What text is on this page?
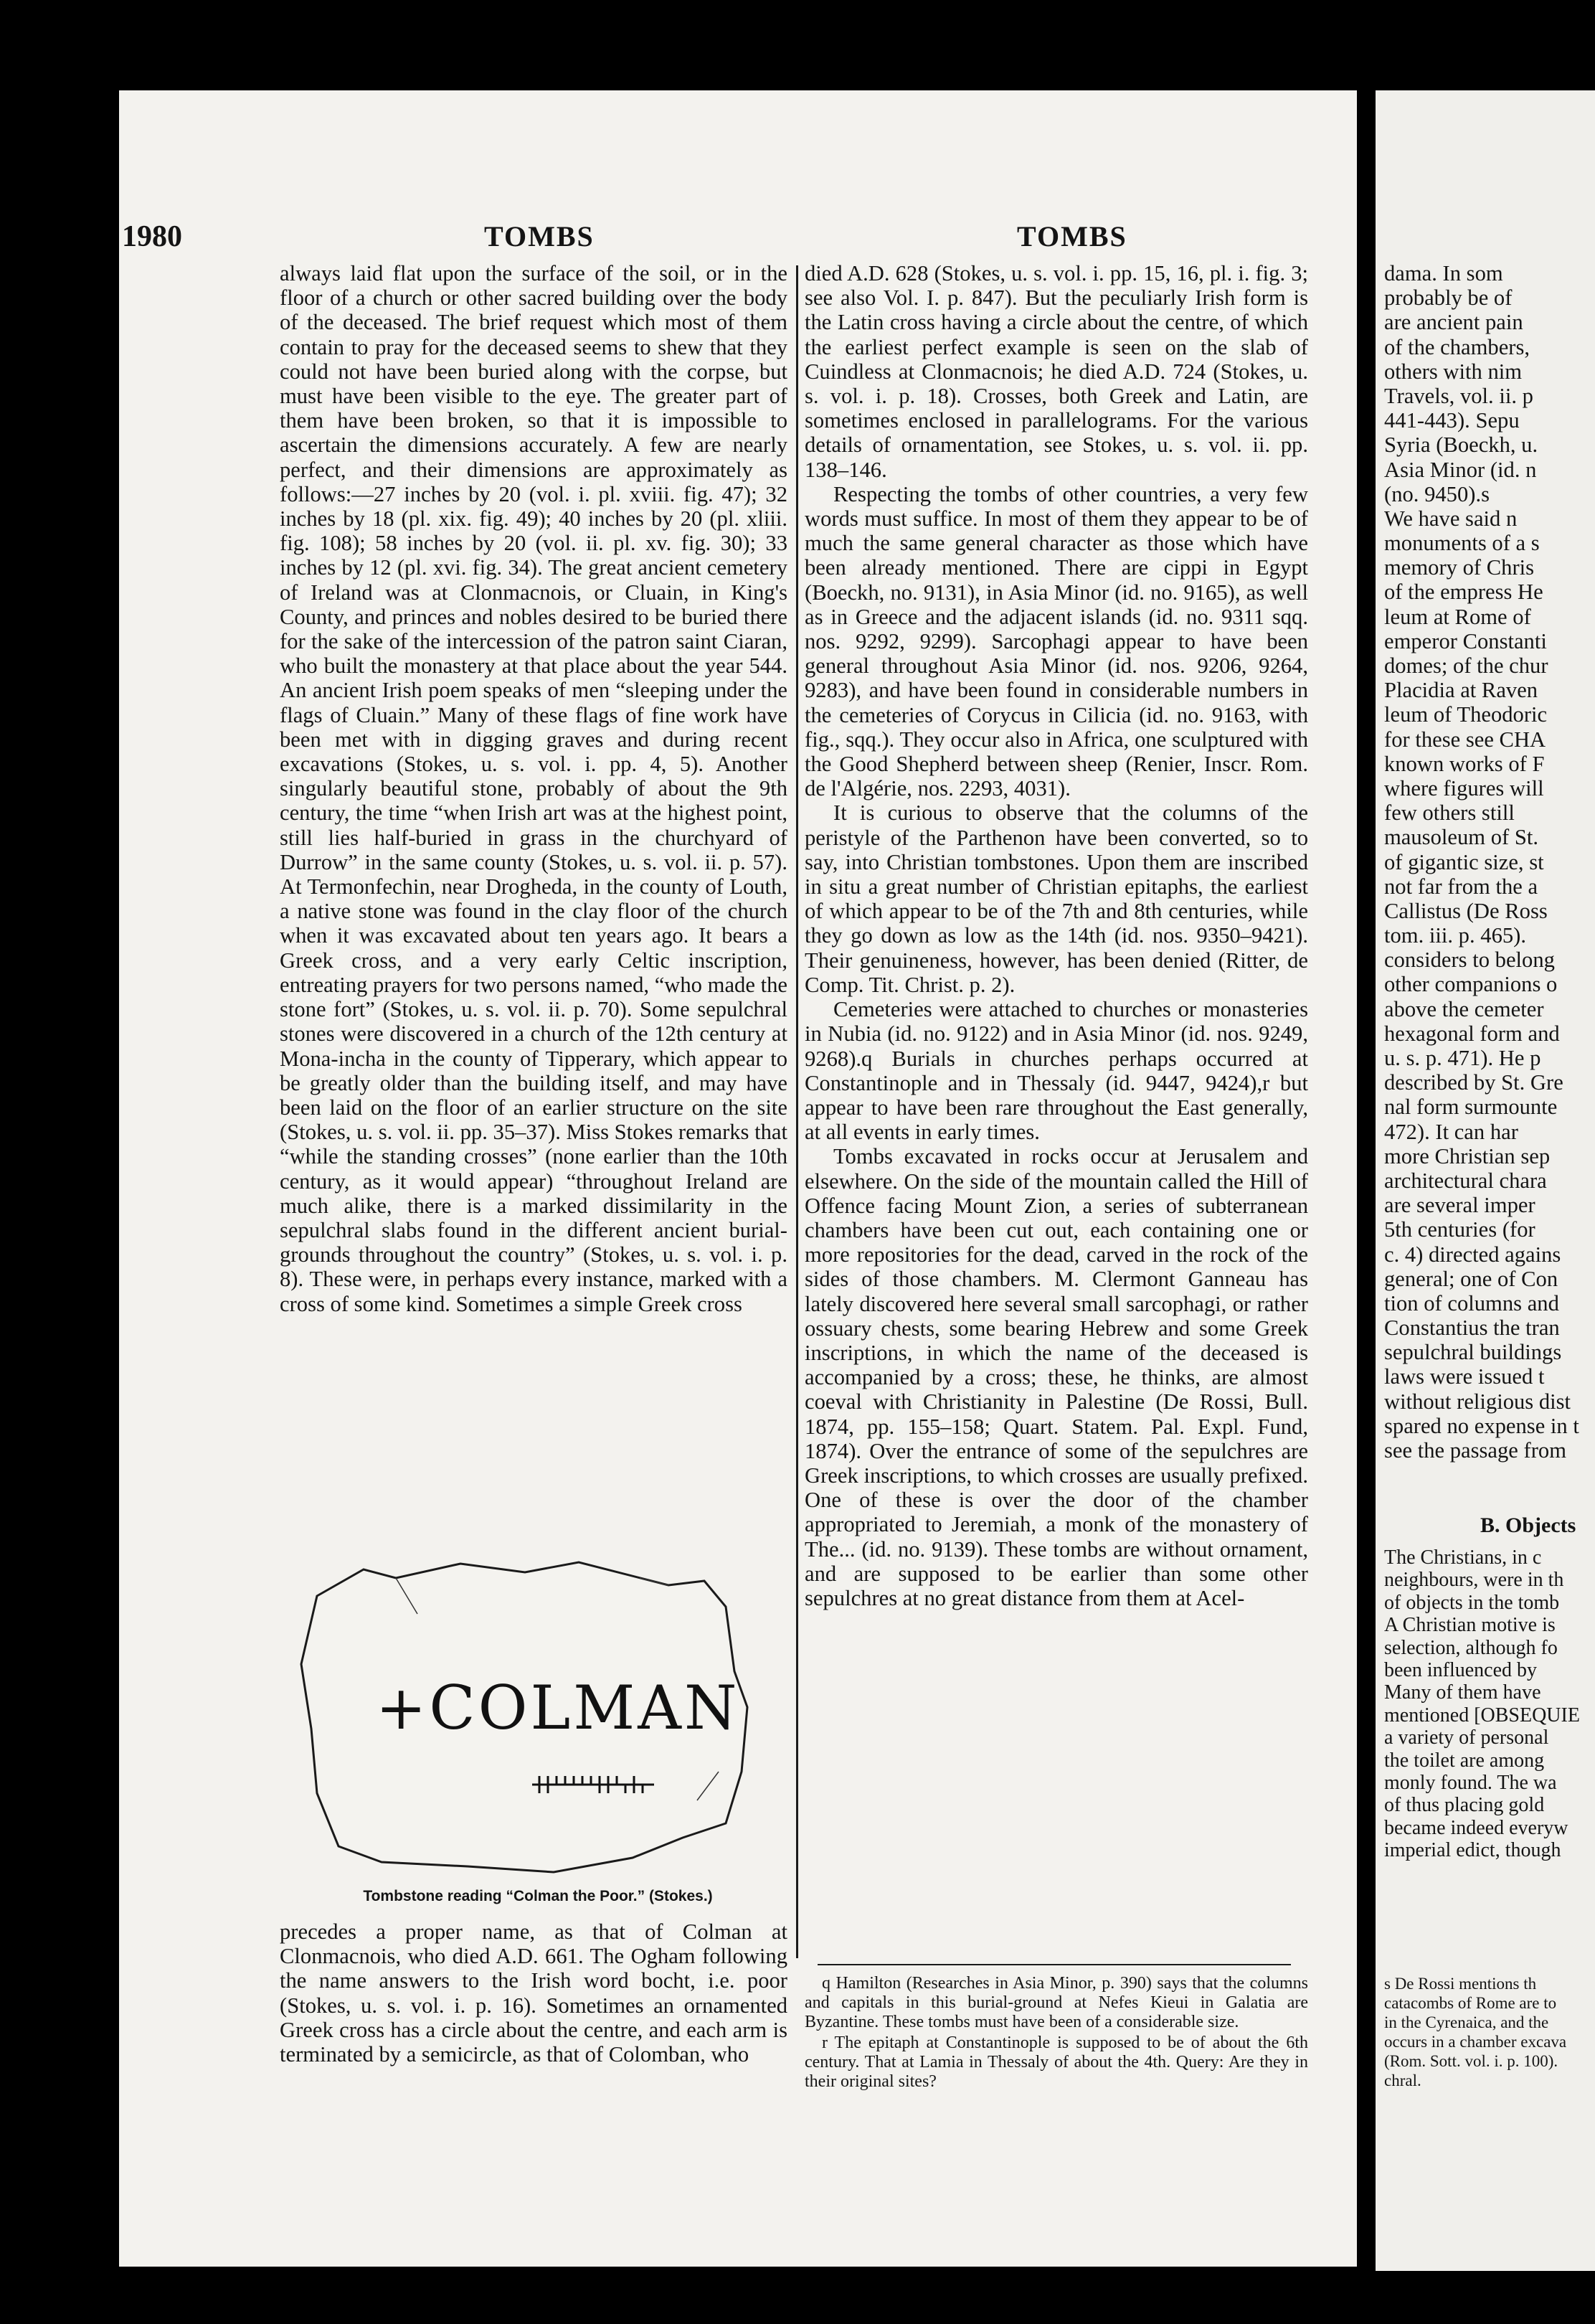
1980	TOMBS	TOMBS

always laid flat upon the surface of the soil, or in the floor of a church or other sacred building over the body of the deceased. The brief request which most of them contain to pray for the deceased seems to shew that they could not have been buried along with the corpse, but must have been visible to the eye. The greater part of them have been broken, so that it is impossible to ascertain the dimensions accurately. A few are nearly perfect, and their dimensions are approximately as follows:—27 inches by 20 (vol. i. pl. xviii. fig. 47); 32 inches by 18 (pl. xix. fig. 49); 40 inches by 20 (pl. xliii. fig. 108); 58 inches by 20 (vol. ii. pl. xv. fig. 30); 33 inches by 12 (pl. xvi. fig. 34). The great ancient cemetery of Ireland was at Clonmacnois, or Cluain, in King's County, and princes and nobles desired to be buried there for the sake of the intercession of the patron saint Ciaran, who built the monastery at that place about the year 544. An ancient Irish poem speaks of men “sleeping under the flags of Cluain.” Many of these flags of fine work have been met with in digging graves and during recent excavations (Stokes, u. s. vol. i. pp. 4, 5). Another singularly beautiful stone, probably of about the 9th century, the time “when Irish art was at the highest point, still lies half-buried in grass in the churchyard of Durrow” in the same county (Stokes, u. s. vol. ii. p. 57). At Termonfechin, near Drogheda, in the county of Louth, a native stone was found in the clay floor of the church when it was excavated about ten years ago. It bears a Greek cross, and a very early Celtic inscription, entreating prayers for two persons named, “who made the stone fort” (Stokes, u. s. vol. ii. p. 70). Some sepulchral stones were discovered in a church of the 12th century at Mona-incha in the county of Tipperary, which appear to be greatly older than the building itself, and may have been laid on the floor of an earlier structure on the site (Stokes, u. s. vol. ii. pp. 35–37). Miss Stokes remarks that “while the standing crosses” (none earlier than the 10th century, as it would appear) “throughout Ireland are much alike, there is a marked dissimilarity in the sepulchral slabs found in the different ancient burial-grounds throughout the country” (Stokes, u. s. vol. i. p. 8). These were, in perhaps every instance, marked with a cross of some kind. Sometimes a simple Greek cross

+COLMAN
Tombstone reading “Colman the Poor.” (Stokes.)
precedes a proper name, as that of Colman at Clonmacnois, who died A.D. 661. The Ogham following the name answers to the Irish word bocht, i.e. poor (Stokes, u. s. vol. i. p. 16). Sometimes an ornamented Greek cross has a circle about the centre, and each arm is terminated by a semicircle, as that of Colomban, who

died A.D. 628 (Stokes, u. s. vol. i. pp. 15, 16, pl. i. fig. 3; see also Vol. I. p. 847). But the peculiarly Irish form is the Latin cross having a circle about the centre, of which the earliest perfect example is seen on the slab of Cuindless at Clonmacnois; he died A.D. 724 (Stokes, u. s. vol. i. p. 18). Crosses, both Greek and Latin, are sometimes enclosed in parallelograms. For the various details of ornamentation, see Stokes, u. s. vol. ii. pp. 138–146.

Respecting the tombs of other countries, a very few words must suffice. In most of them they appear to be of much the same general character as those which have been already mentioned. There are cippi in Egypt (Boeckh, no. 9131), in Asia Minor (id. no. 9165), as well as in Greece and the adjacent islands (id. no. 9311 sqq. nos. 9292, 9299). Sarcophagi appear to have been general throughout Asia Minor (id. nos. 9206, 9264, 9283), and have been found in considerable numbers in the cemeteries of Corycus in Cilicia (id. no. 9163, with fig., sqq.). They occur also in Africa, one sculptured with the Good Shepherd between sheep (Renier, Inscr. Rom. de l'Algérie, nos. 2293, 4031).

It is curious to observe that the columns of the peristyle of the Parthenon have been converted, so to say, into Christian tombstones. Upon them are inscribed in situ a great number of Christian epitaphs, the earliest of which appear to be of the 7th and 8th centuries, while they go down as low as the 14th (id. nos. 9350–9421). Their genuineness, however, has been denied (Ritter, de Comp. Tit. Christ. p. 2).

Cemeteries were attached to churches or monasteries in Nubia (id. no. 9122) and in Asia Minor (id. nos. 9249, 9268).q Burials in churches perhaps occurred at Constantinople and in Thessaly (id. 9447, 9424),r but appear to have been rare throughout the East generally, at all events in early times.

Tombs excavated in rocks occur at Jerusalem and elsewhere. On the side of the mountain called the Hill of Offence facing Mount Zion, a series of subterranean chambers have been cut out, each containing one or more repositories for the dead, carved in the rock of the sides of those chambers. M. Clermont Ganneau has lately discovered here several small sarcophagi, or rather ossuary chests, some bearing Hebrew and some Greek inscriptions, in which the name of the deceased is accompanied by a cross; these, he thinks, are almost coeval with Christianity in Palestine (De Rossi, Bull. 1874, pp. 155–158; Quart. Statem. Pal. Expl. Fund, 1874). Over the entrance of some of the sepulchres are Greek inscriptions, to which crosses are usually prefixed. One of these is over the door of the chamber appropriated to Jeremiah, a monk of the monastery of The... (id. no. 9139). These tombs are without ornament, and are supposed to be earlier than some other sepulchres at no great distance from them at Acel-

q Hamilton (Researches in Asia Minor, p. 390) says that the columns and capitals in this burial-ground at Nefes Kieui in Galatia are Byzantine. These tombs must have been of a considerable size.

r The epitaph at Constantinople is supposed to be of about the 6th century. That at Lamia in Thessaly of about the 4th. Query: Are they in their original sites?

dama. In som
probably be of
are ancient pain
of the chambers,
others with nim
Travels, vol. ii. p
441-443). Sepu
Syria (Boeckh, u.
Asia Minor (id. n
(no. 9450).s
We have said n
monuments of a s
memory of Chris
of the empress He
leum at Rome of
emperor Constanti
domes; of the chur
Placidia at Raven
leum of Theodoric
for these see CHA
known works of F
where figures will
few others still
mausoleum of St.
of gigantic size, st
not far from the a
Callistus (De Ross
tom. iii. p. 465).
considers to belong
other companions o
above the cemeter
hexagonal form and
u. s. p. 471). He p
described by St. Gre
nal form surmounte
472). It can har
more Christian sep
architectural chara
are several imper
5th centuries (for
c. 4) directed agains
general; one of Con
tion of columns and
Constantius the tran
sepulchral buildings
laws were issued t
without religious dist
spared no expense in t
see the passage from
B. Objects
The Christians, in c
neighbours, were in th
of objects in the tomb
A Christian motive is
selection, although fo
been influenced by
Many of them have
mentioned [OBSEQUIE
a variety of personal
the toilet are among
monly found. The wa
of thus placing gold
became indeed everyw
imperial edict, though
s De Rossi mentions th
catacombs of Rome are to
in the Cyrenaica, and the
occurs in a chamber excava
(Rom. Sott. vol. i. p. 100).
chral.
